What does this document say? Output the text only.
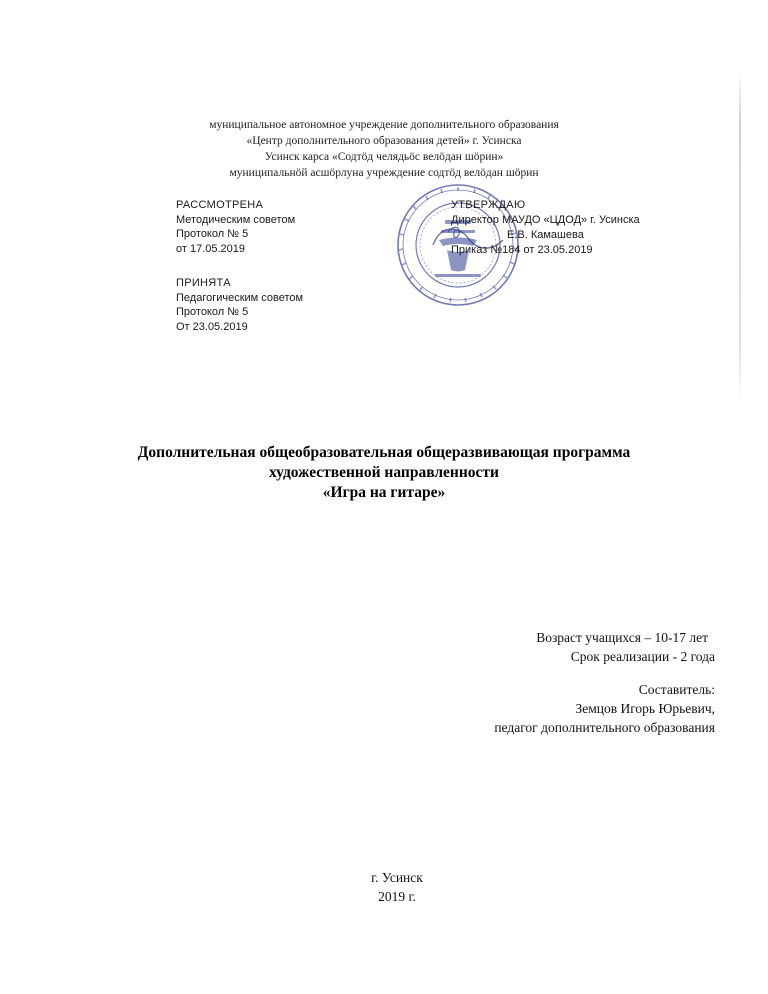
муниципальное автономное учреждение дополнительного образования
«Центр дополнительного образования детей» г. Усинска
Усинск карса «Содтöд челядьöс велöдан шöрин»
муниципальнöй асшöрлуна учреждение содтöд велöдан шöрин
РАССМОТРЕНА
Методическим советом
Протокол № 5
от 17.05.2019
ПРИНЯТА
Педагогическим советом
Протокол № 5
От 23.05.2019
УТВЕРЖДАЮ
Директор МАУДО «ЦДОД» г. Усинска
Е.В. Камашева
Приказ №184 от 23.05.2019
Дополнительная общеобразовательная общеразвивающая программа
художественной направленности
«Игра на гитаре»
Возраст учащихся – 10-17 лет
Срок реализации - 2 года
Составитель:
Земцов Игорь Юрьевич,
педагог дополнительного образования
г. Усинск
2019 г.
